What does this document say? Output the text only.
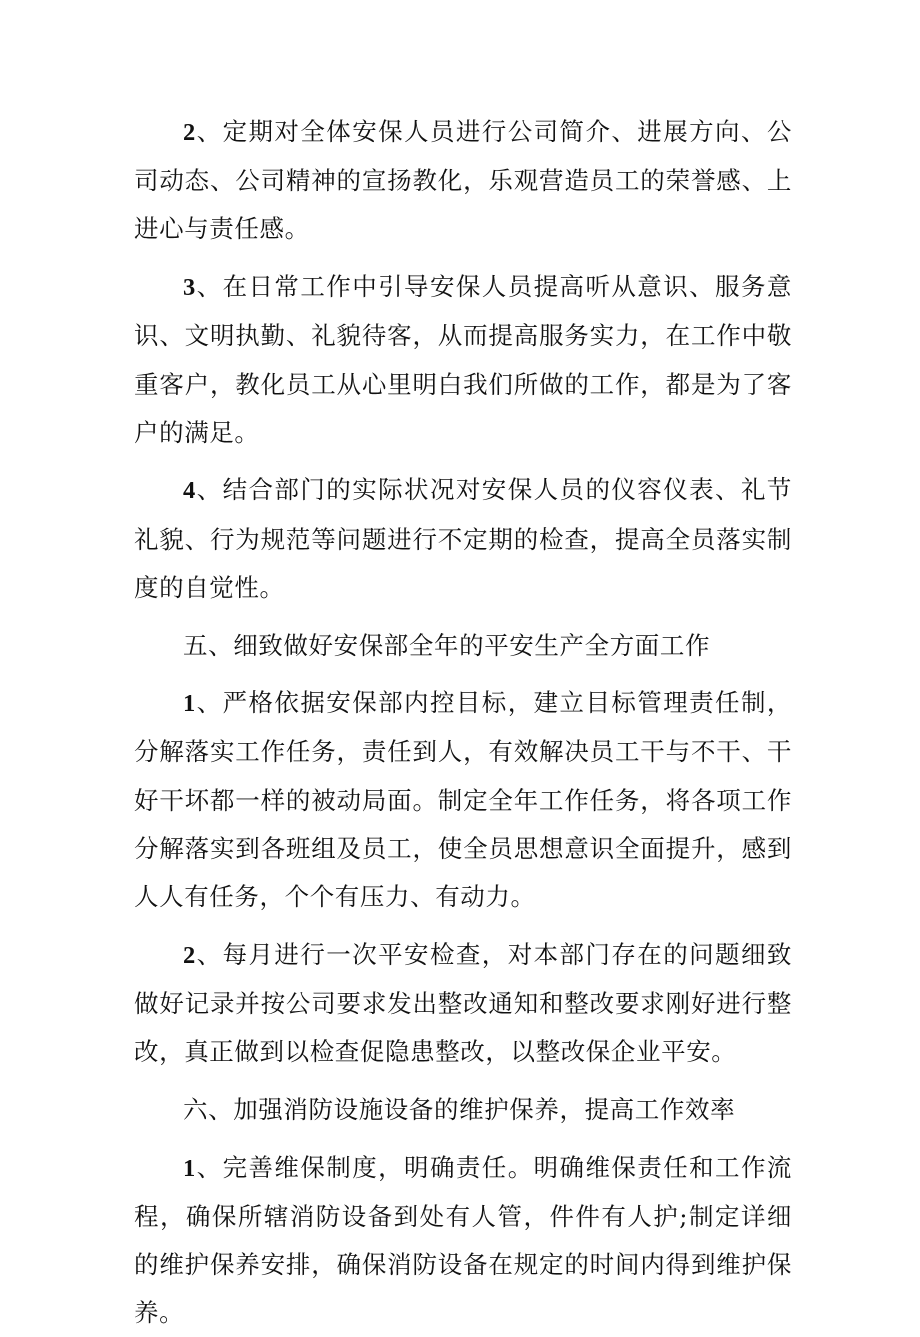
2、定期对全体安保人员进行公司简介、进展方向、公司动态、公司精神的宣扬教化，乐观营造员工的荣誉感、上进心与责任感。

3、在日常工作中引导安保人员提高听从意识、服务意识、文明执勤、礼貌待客，从而提高服务实力，在工作中敬重客户，教化员工从心里明白我们所做的工作，都是为了客户的满足。

4、结合部门的实际状况对安保人员的仪容仪表、礼节礼貌、行为规范等问题进行不定期的检查，提高全员落实制度的自觉性。

五、细致做好安保部全年的平安生产全方面工作

1、严格依据安保部内控目标，建立目标管理责任制，分解落实工作任务，责任到人，有效解决员工干与不干、干好干坏都一样的被动局面。制定全年工作任务，将各项工作分解落实到各班组及员工，使全员思想意识全面提升，感到人人有任务，个个有压力、有动力。

2、每月进行一次平安检查，对本部门存在的问题细致做好记录并按公司要求发出整改通知和整改要求刚好进行整改，真正做到以检查促隐患整改，以整改保企业平安。

六、加强消防设施设备的维护保养，提高工作效率

1、完善维保制度，明确责任。明确维保责任和工作流程，确保所辖消防设备到处有人管，件件有人护;制定详细的维护保养安排，确保消防设备在规定的时间内得到维护保养。
